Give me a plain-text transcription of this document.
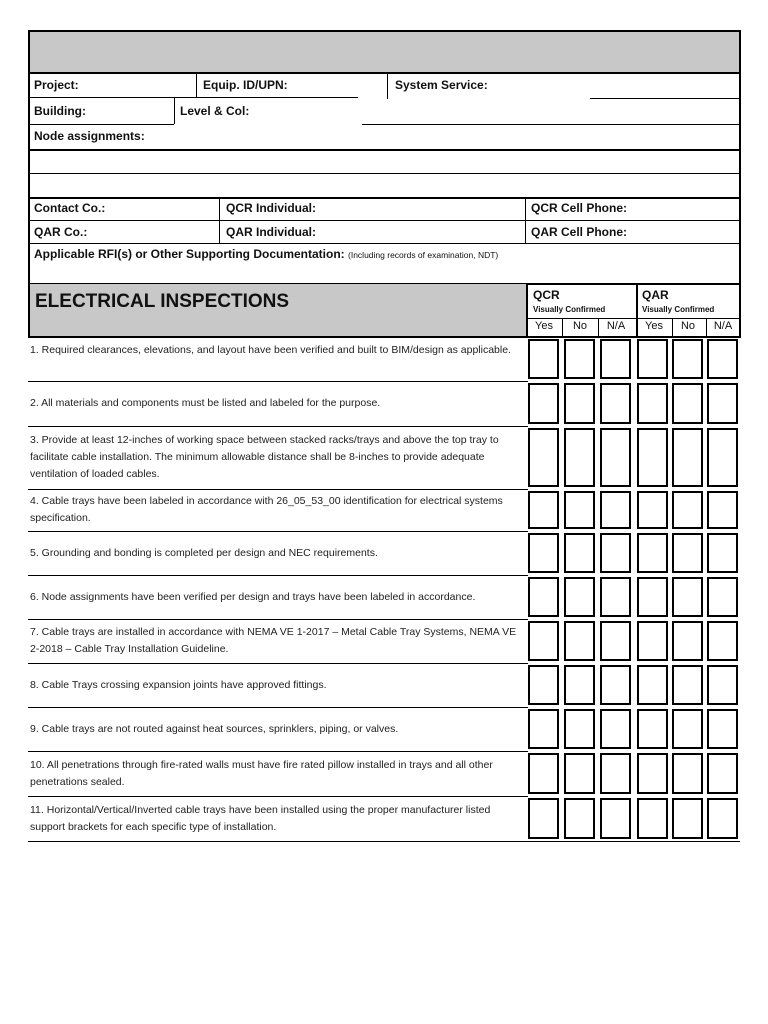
Project:	Equip. ID/UPN:	System Service:
Building:	Level & Col:
Node assignments:
Contact Co.:	QCR Individual:	QCR Cell Phone:
QAR Co.:	QAR Individual:	QAR Cell Phone:
Applicable RFI(s) or Other Supporting Documentation: (Including records of examination, NDT)
ELECTRICAL INSPECTIONS	QCR
Visually Confirmed
QAR
Visually Confirmed
Yes	No	N/A	Yes	No	N/A
1. Required clearances, elevations, and layout have been verified and built to BIM/design as applicable.
2. All materials and components must be listed and labeled for the purpose.
3. Provide at least 12-inches of working space between stacked racks/trays and above the top tray to facilitate cable installation. The minimum allowable distance shall be 8-inches to provide adequate ventilation of loaded cables.
4. Cable trays have been labeled in accordance with 26_05_53_00 identification for electrical systems specification.
5. Grounding and bonding is completed per design and NEC requirements.
6. Node assignments have been verified per design and trays have been labeled in accordance.
7. Cable trays are installed in accordance with NEMA VE 1-2017 – Metal Cable Tray Systems, NEMA VE 2-2018 – Cable Tray Installation Guideline.
8. Cable Trays crossing expansion joints have approved fittings.
9. Cable trays are not routed against heat sources, sprinklers, piping, or valves.
10. All penetrations through fire-rated walls must have fire rated pillow installed in trays and all other penetrations sealed.
11. Horizontal/Vertical/Inverted cable trays have been installed using the proper manufacturer listed support brackets for each specific type of installation.
